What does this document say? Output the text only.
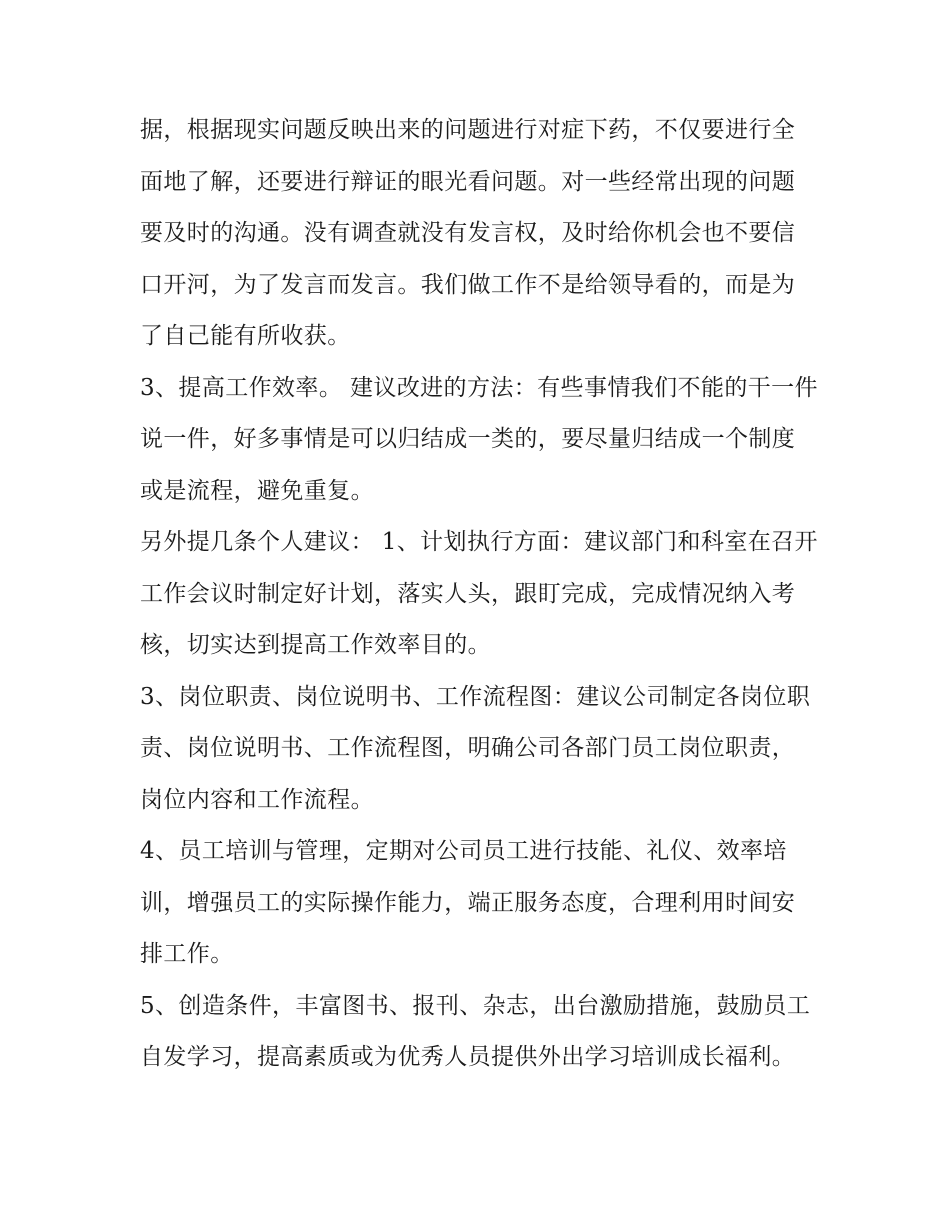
据，根据现实问题反映出来的问题进行对症下药，不仅要进行全面地了解，还要进行辩证的眼光看问题。对一些经常出现的问题要及时的沟通。没有调查就没有发言权，及时给你机会也不要信口开河，为了发言而发言。我们做工作不是给领导看的，而是为了自己能有所收获。

3、提高工作效率。 建议改进的方法：有些事情我们不能的干一件说一件，好多事情是可以归结成一类的，要尽量归结成一个制度或是流程，避免重复。

另外提几条个人建议： 1、计划执行方面：建议部门和科室在召开工作会议时制定好计划，落实人头，跟盯完成，完成情况纳入考核，切实达到提高工作效率目的。

3、岗位职责、岗位说明书、工作流程图：建议公司制定各岗位职责、岗位说明书、工作流程图，明确公司各部门员工岗位职责，岗位内容和工作流程。

4、员工培训与管理，定期对公司员工进行技能、礼仪、效率培训，增强员工的实际操作能力，端正服务态度，合理利用时间安排工作。

5、创造条件，丰富图书、报刊、杂志，出台激励措施，鼓励员工自发学习，提高素质或为优秀人员提供外出学习培训成长福利。
